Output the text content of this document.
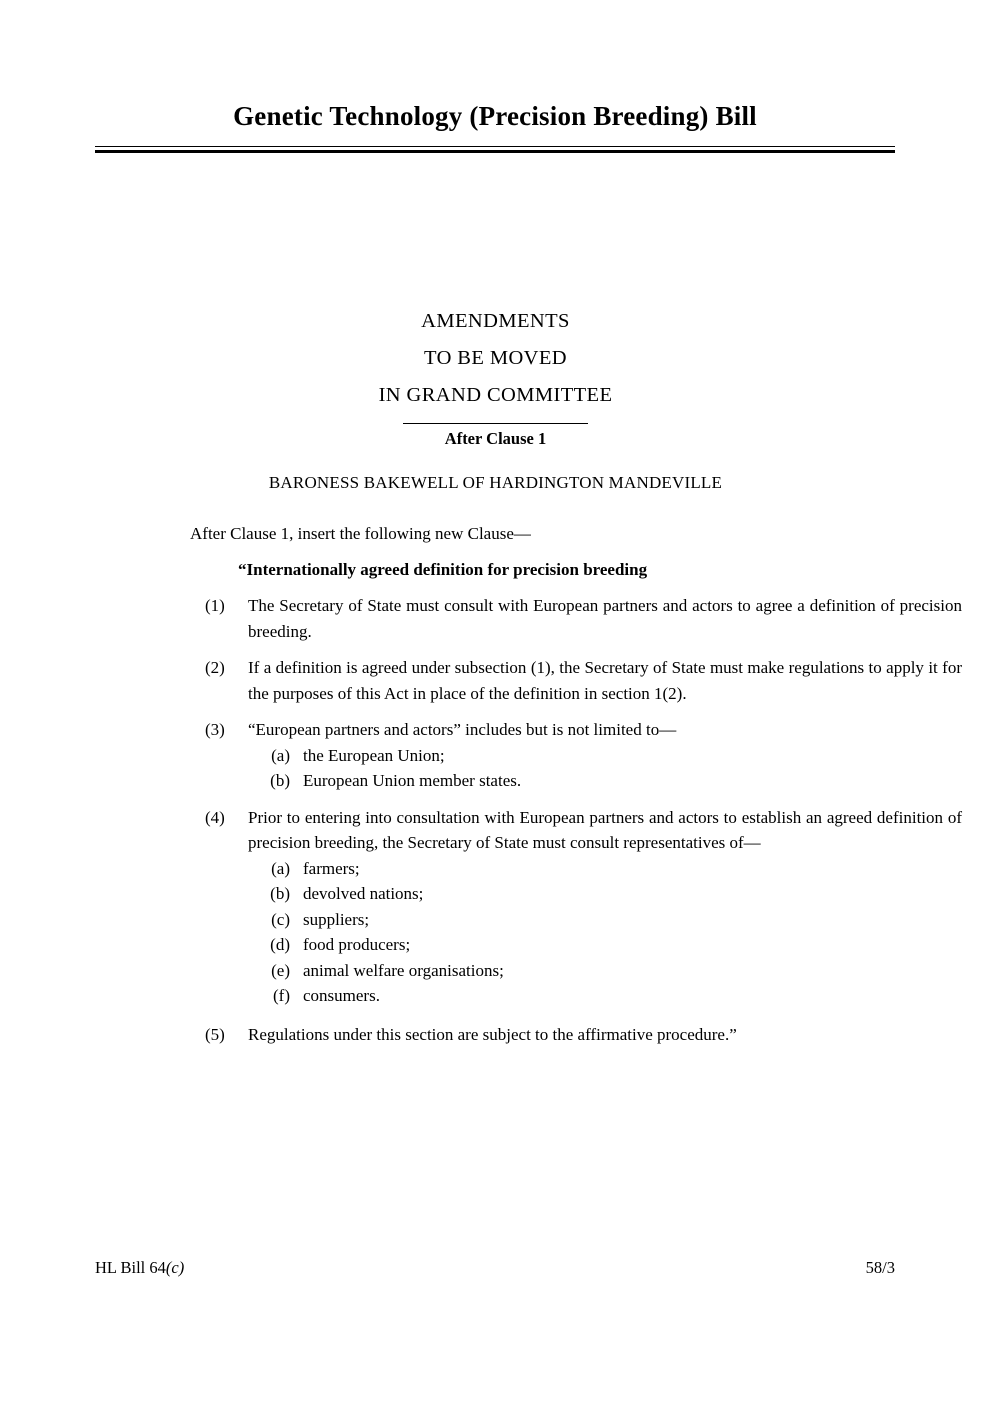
Genetic Technology (Precision Breeding) Bill
AMENDMENTS
TO BE MOVED
IN GRAND COMMITTEE
After Clause 1
BARONESS BAKEWELL OF HARDINGTON MANDEVILLE

After Clause 1, insert the following new Clause—

“Internationally agreed definition for precision breeding

(1)	The Secretary of State must consult with European partners and actors to agree a definition of precision breeding.
(2)	If a definition is agreed under subsection (1), the Secretary of State must make regulations to apply it for the purposes of this Act in place of the definition in section 1(2).
(3)	“European partners and actors” includes but is not limited to—
(a) the European Union;
(b) European Union member states.
(4)	Prior to entering into consultation with European partners and actors to establish an agreed definition of precision breeding, the Secretary of State must consult representatives of—
(a) farmers;
(b) devolved nations;
(c) suppliers;
(d) food producers;
(e) animal welfare organisations;
(f) consumers.
(5)	Regulations under this section are subject to the affirmative procedure.”
HL Bill 64(c)	58/3
